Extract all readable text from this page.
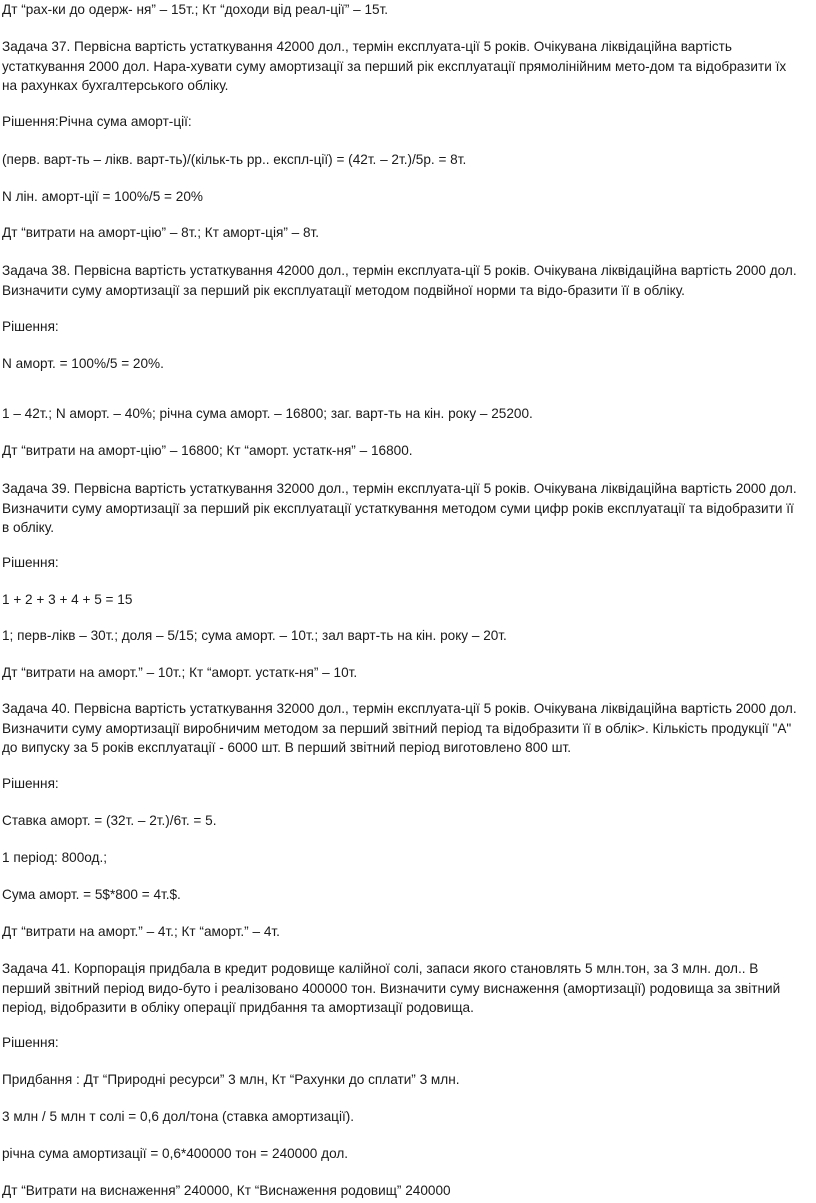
Дт “рах-ки до одерж- ня” – 15т.; Кт “доходи від реал-ції” – 15т.

Задача 37. Первісна вартість устаткування 42000 дол., термін експлуата-ції 5 років. Очікувана ліквідаційна вартість устаткування 2000 дол. Нара-хувати суму амортизації за перший рік експлуатації прямолінійним мето-дом та відобразити їх на рахунках бухгалтерського обліку.

Рішення:Річна сума аморт-ції:

(перв. варт-ть – лікв. варт-ть)/(кільк-ть рр.. експл-ції) = (42т. – 2т.)/5р. = 8т.

N лін. аморт-ції = 100%/5 = 20%

Дт “витрати на аморт-цію” – 8т.; Кт аморт-ція” – 8т.

Задача 38. Первісна вартість устаткування 42000 дол., термін експлуата-ції 5 років. Очікувана ліквідаційна вартість 2000 дол. Визначити суму амортизації за перший рік експлуатації методом подвійної норми та відо-бразити її в обліку.

Рішення:

N аморт. = 100%/5 = 20%.

1 – 42т.; N аморт. – 40%; річна сума аморт. – 16800; заг. варт-ть на кін. року – 25200.

Дт “витрати на аморт-цію” – 16800; Кт “аморт. устатк-ня” – 16800.

Задача 39. Первісна вартість устаткування 32000 дол., термін експлуата-ції 5 років. Очікувана ліквідаційна вартість 2000 дол. Визначити суму амортизації за перший рік експлуатації устаткування методом суми цифр років експлуатації та відобразити її в обліку.

Рішення:

1 + 2 + 3 + 4 + 5 = 15

1; перв-лікв – 30т.; доля – 5/15; сума аморт. – 10т.; зал варт-ть на кін. року – 20т.

Дт “витрати на аморт.” – 10т.; Кт “аморт. устатк-ня” – 10т.

Задача 40. Первісна вартість устаткування 32000 дол., термін експлуата-ції 5 років. Очікувана ліквідаційна вартість 2000 дол. Визначити суму амортизації виробничим методом за перший звітний період та відобразити її в облік>. Кількість продукції "А" до випуску за 5 років експлуатації - 6000 шт. В перший звітний період виготовлено 800 шт.

Рішення:

Ставка аморт. = (32т. – 2т.)/6т. = 5.

1 період: 800од.;

Сума аморт. = 5$*800 = 4т.$.

Дт “витрати на аморт.” – 4т.; Кт “аморт.” – 4т.

Задача 41. Корпорація придбала в кредит родовище калійної солі, запаси якого становлять 5 млн.тон, за 3 млн. дол.. В перший звітний період видо-буто і реалізовано 400000 тон. Визначити суму виснаження (амортизації) родовища за звітний період, відобразити в обліку операції придбання та амортизації родовища.

Рішення:

Придбання : Дт “Природні ресурси” 3 млн, Кт “Рахунки до сплати” 3 млн.

3 млн / 5 млн т солі = 0,6 дол/тона (ставка амортизації).

річна сума амортизації = 0,6*400000 тон = 240000 дол.

Дт “Витрати на виснаження” 240000, Кт “Виснаження родовищ” 240000
